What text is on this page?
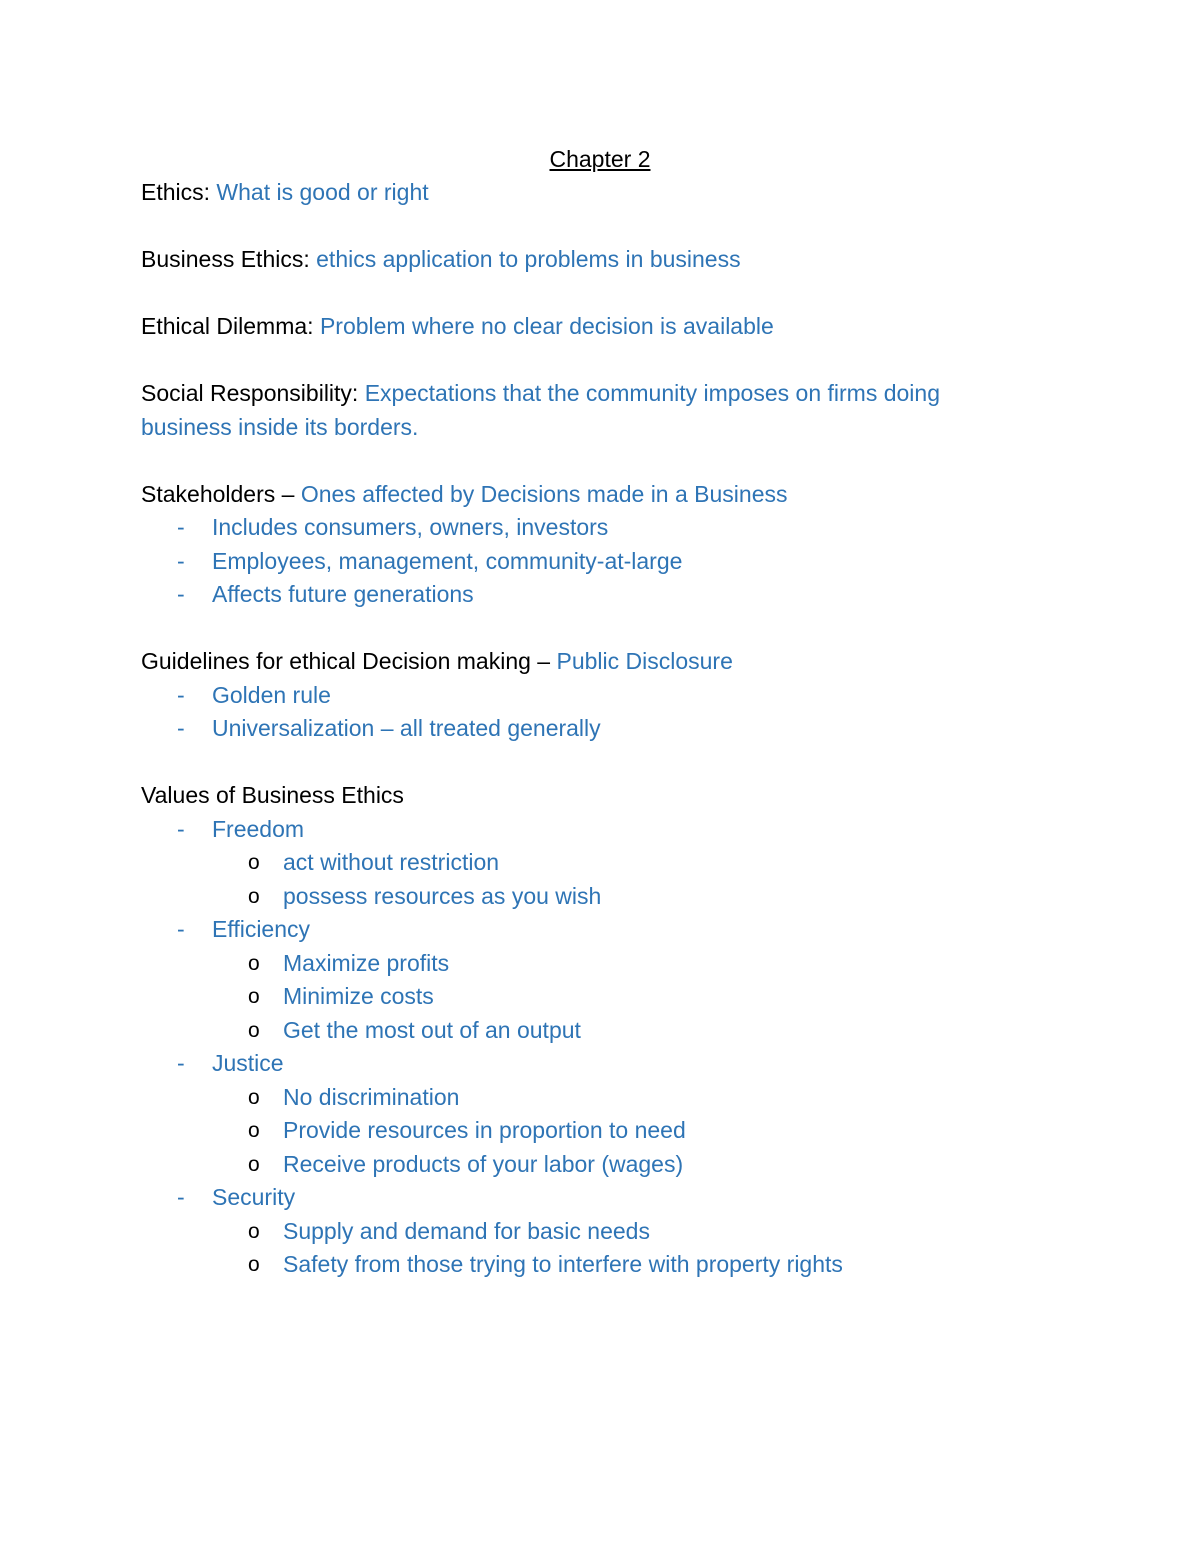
Chapter 2
Ethics: What is good or right
Business Ethics: ethics application to problems in business
Ethical Dilemma: Problem where no clear decision is available
Social Responsibility: Expectations that the community imposes on firms doing business inside its borders.
Stakeholders – Ones affected by Decisions made in a Business
- Includes consumers, owners, investors
- Employees, management, community-at-large
- Affects future generations
Guidelines for ethical Decision making – Public Disclosure
- Golden rule
- Universalization – all treated generally
Values of Business Ethics
- Freedom
o act without restriction
o possess resources as you wish
- Efficiency
o Maximize profits
o Minimize costs
o Get the most out of an output
- Justice
o No discrimination
o Provide resources in proportion to need
o Receive products of your labor (wages)
- Security
o Supply and demand for basic needs
o Safety from those trying to interfere with property rights
